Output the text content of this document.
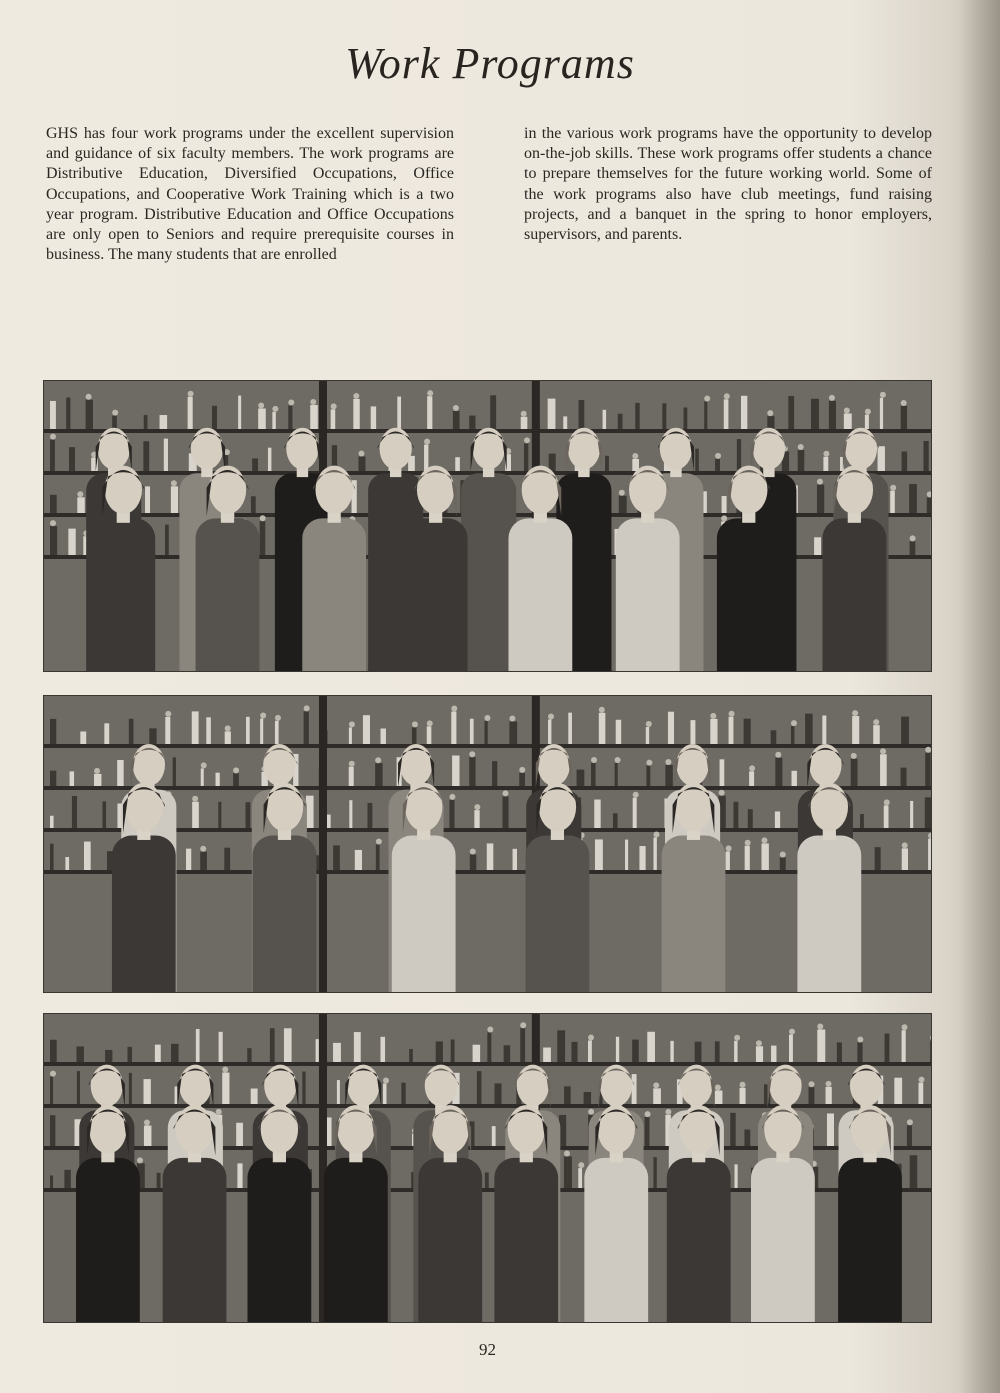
Work Programs
GHS has four work programs under the excellent supervision and guidance of six faculty members. The work programs are Distributive Education, Diversified Occupations, Office Occupations, and Cooperative Work Training which is a two year program. Distributive Education and Office Occupations are only open to Seniors and require prerequisite courses in business. The many students that are enrolled
in the various work programs have the opportunity to develop on-the-job skills. These work programs offer students a chance to prepare themselves for the future working world. Some of the work programs also have club meetings, fund raising projects, and a banquet in the spring to honor employers, supervisors, and parents.
92
